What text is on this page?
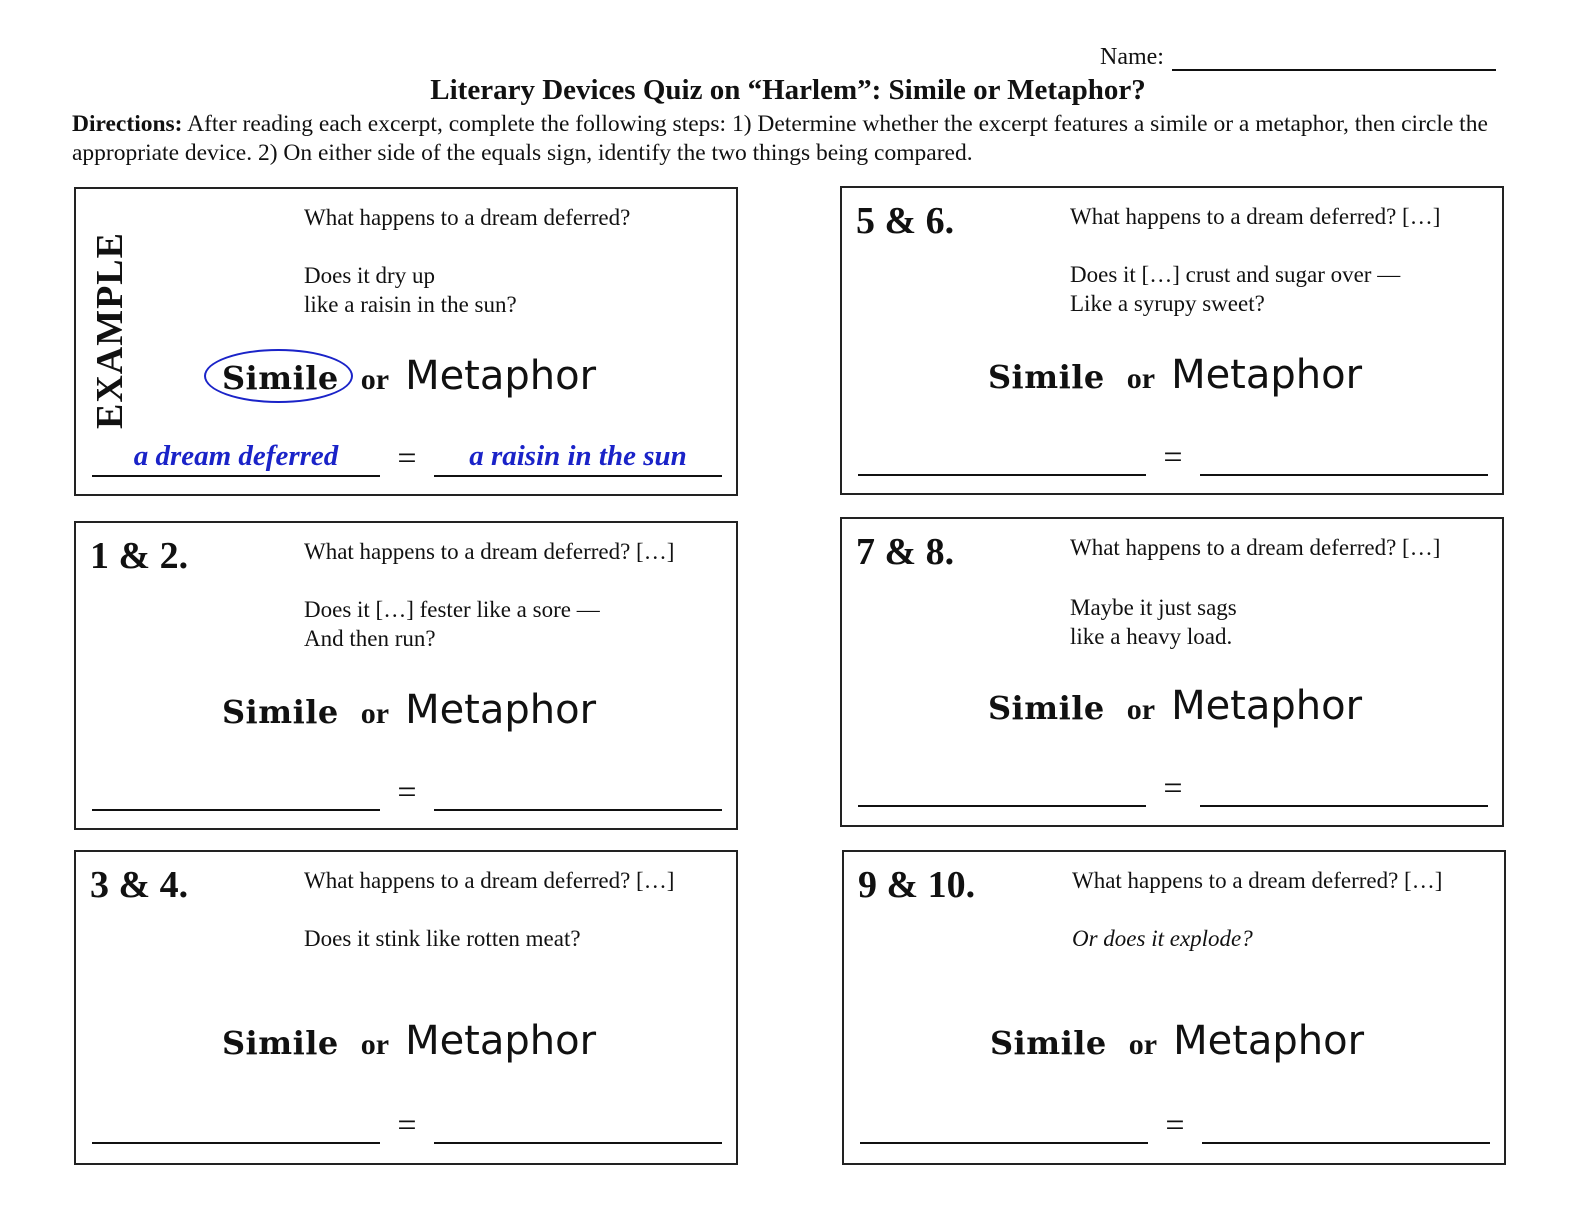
Name:
Literary Devices Quiz on “Harlem”: Simile or Metaphor?
Directions: After reading each excerpt, complete the following steps: 1) Determine whether the excerpt features a simile or a metaphor, then circle the appropriate device. 2) On either side of the equals sign, identify the two things being compared.
EXAMPLE
What happens to a dream deferred?
Does it dry up
like a raisin in the sun?
Simile or Metaphor
a dream deferred	=	a raisin in the sun
1 & 2.	What happens to a dream deferred? […]
Does it […] fester like a sore —
And then run?
Simile or Metaphor
=
3 & 4.	What happens to a dream deferred? […]
Does it stink like rotten meat?
Simile or Metaphor
=
5 & 6.	What happens to a dream deferred? […]
Does it […] crust and sugar over —
Like a syrupy sweet?
Simile or Metaphor
=
7 & 8.	What happens to a dream deferred? […]
Maybe it just sags
like a heavy load.
Simile or Metaphor
=
9 & 10.	What happens to a dream deferred? […]
Or does it explode?
Simile or Metaphor
=
